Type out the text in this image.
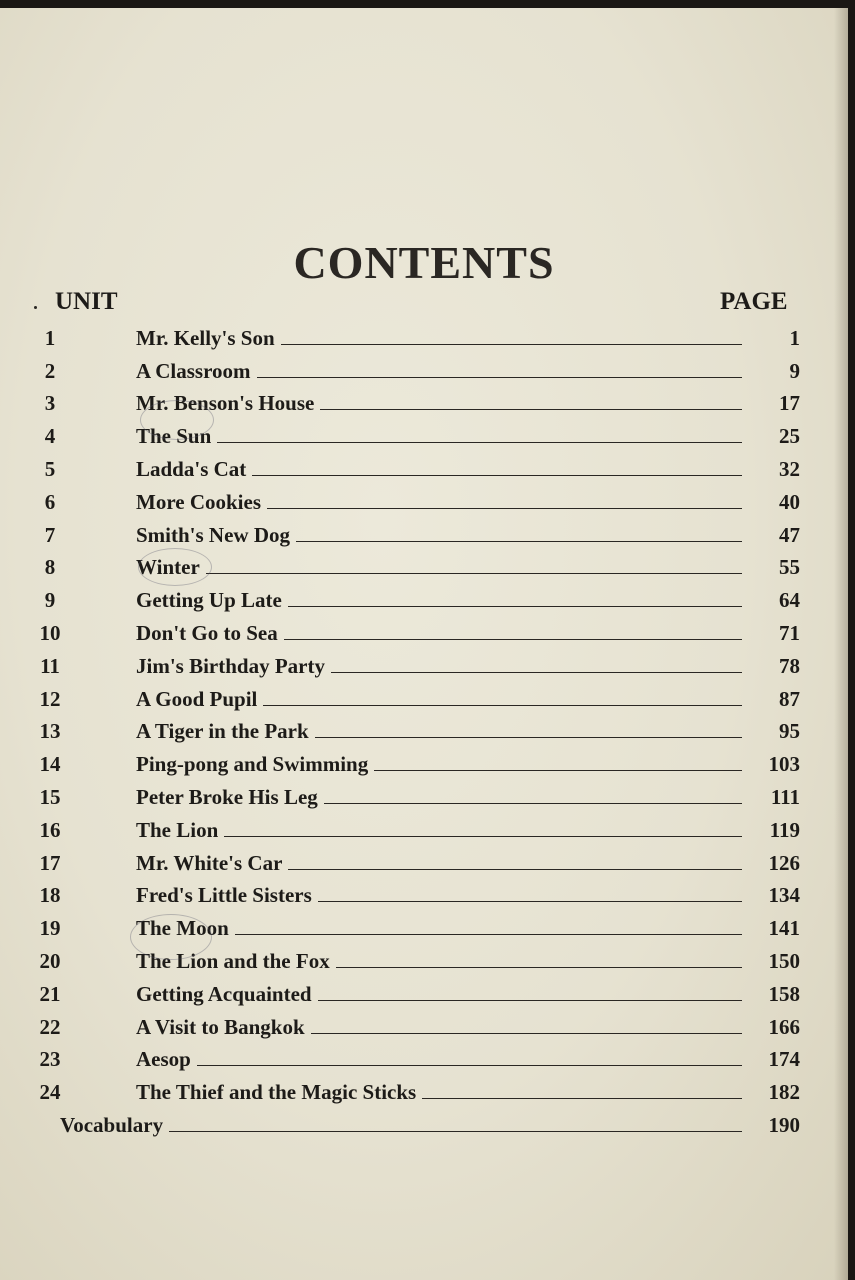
CONTENTS
UNIT	PAGE
1	Mr. Kelly's Son	1
2	A Classroom	9
3	Mr. Benson's House	17
4	The Sun	25
5	Ladda's Cat	32
6	More Cookies	40
7	Smith's New Dog	47
8	Winter	55
9	Getting Up Late	64
10	Don't Go to Sea	71
11	Jim's Birthday Party	78
12	A Good Pupil	87
13	A Tiger in the Park	95
14	Ping-pong and Swimming	103
15	Peter Broke His Leg	111
16	The Lion	119
17	Mr. White's Car	126
18	Fred's Little Sisters	134
19	The Moon	141
20	The Lion and the Fox	150
21	Getting Acquainted	158
22	A Visit to Bangkok	166
23	Aesop	174
24	The Thief and the Magic Sticks	182
Vocabulary	190
